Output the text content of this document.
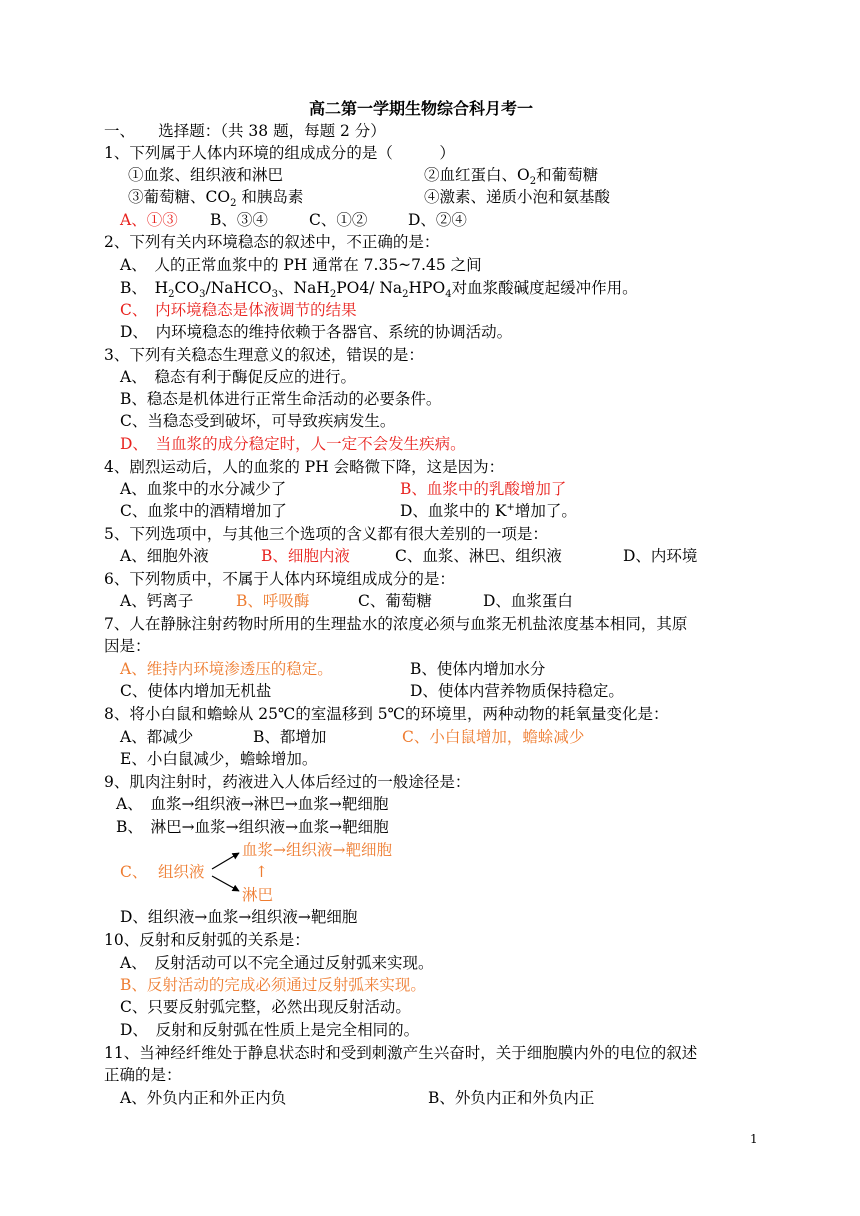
高二第一学期生物综合科月考一
一、　　选择题：（共 38 题，每题 2 分）
1、下列属于人体内环境的组成成分的是（　　　）
①血浆、组织液和淋巴	②血红蛋白、$O_2$和葡萄糖
③葡萄糖、$CO_2$ 和胰岛素	④激素、递质小泡和氨基酸
A、①③ B、③④	C、①②	D、②④
2、下列有关内环境稳态的叙述中，不正确的是：
A、　人的正常血浆中的 PH 通常在 7.35~7.45 之间
B、　$H_2CO_3/NaHCO_3$、NaH$_2$PO4/ $Na_2HPO_4$对血浆酸碱度起缓冲作用。
C、　内环境稳态是体液调节的结果
D、　内环境稳态的维持依赖于各器官、系统的协调活动。
3、下列有关稳态生理意义的叙述，错误的是：
A、　稳态有利于酶促反应的进行。
B、稳态是机体进行正常生命活动的必要条件。
C、当稳态受到破坏，可导致疾病发生。
D、　当血浆的成分稳定时，人一定不会发生疾病。
4、剧烈运动后，人的血浆的 PH 会略微下降，这是因为：
A、血浆中的水分减少了	B、血浆中的乳酸增加了
C、血浆中的酒精增加了	D、血浆中的 K+增加了。
5、下列选项中，与其他三个选项的含义都有很大差别的一项是：
A、细胞外液	B、细胞内液	C、血浆、淋巴、组织液	D、内环境
6、下列物质中，不属于人体内环境组成成分的是：
A、钙离子	B、呼吸酶	C、葡萄糖	D、血浆蛋白
7、人在静脉注射药物时所用的生理盐水的浓度必须与血浆无机盐浓度基本相同，其原
因是：
A、维持内环境渗透压的稳定。	B、使体内增加水分
C、使体内增加无机盐	D、使体内营养物质保持稳定。
8、将小白鼠和蟾蜍从 25℃的室温移到 5℃的环境里，两种动物的耗氧量变化是：
A、都减少	B、都增加	C、小白鼠增加，蟾蜍减少
E、小白鼠减少，蟾蜍增加。
9、肌肉注射时，药液进入人体后经过的一般途径是：
A、　血浆→组织液→淋巴→血浆→靶细胞
B、　淋巴→血浆→组织液→血浆→靶细胞
血浆→组织液→靶细胞
C、 组织液	↑
淋巴
D、组织液→血浆→组织液→靶细胞
10、反射和反射弧的关系是：
A、　反射活动可以不完全通过反射弧来实现。
B、反射活动的完成必须通过反射弧来实现。
C、只要反射弧完整，必然出现反射活动。
D、　反射和反射弧在性质上是完全相同的。
11、当神经纤维处于静息状态时和受到刺激产生兴奋时，关于细胞膜内外的电位的叙述
正确的是：
A、外负内正和外正内负	B、外负内正和外负内正
1
